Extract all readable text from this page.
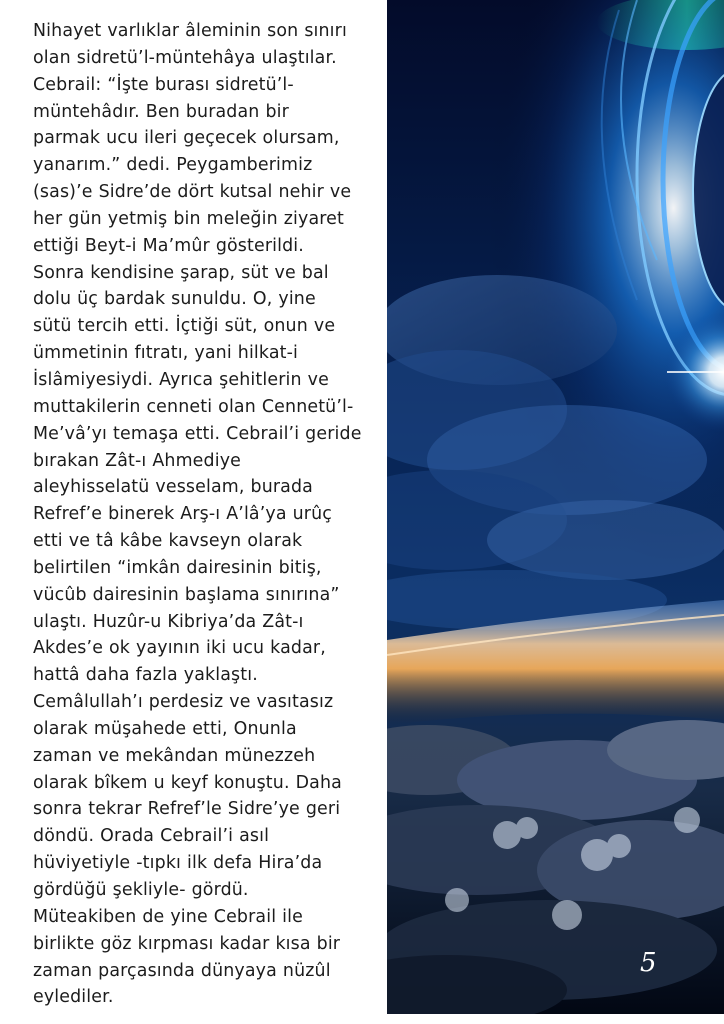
Nihayet varlıklar âleminin son sınırı
olan sidretü’l-müntehâya ulaştılar.
Cebrail: “İşte burası sidretü’l-
müntehâdır. Ben buradan bir
parmak ucu ileri geçecek olursam,
yanarım.” dedi. Peygamberimiz
(sas)’e Sidre’de dört kutsal nehir ve
her gün yetmiş bin meleğin ziyaret
ettiği Beyt-i Ma’mûr gösterildi.
Sonra kendisine şarap, süt ve bal
dolu üç bardak sunuldu. O, yine
sütü tercih etti. İçtiği süt, onun ve
ümmetinin fıtratı, yani hilkat-i
İslâmiyesiydi. Ayrıca şehitlerin ve
muttakilerin cenneti olan Cennetü’l-
Me’vâ’yı temaşa etti. Cebrail’i geride
bırakan Zât-ı Ahmediye
aleyhisselatü vesselam, burada
Refref’e binerek Arş-ı A’lâ’ya urûç
etti ve tâ kâbe kavseyn olarak
belirtilen “imkân dairesinin bitiş,
vücûb dairesinin başlama sınırına”
ulaştı. Huzûr-u Kibriya’da Zât-ı
Akdes’e ok yayının iki ucu kadar,
hattâ daha fazla yaklaştı.
Cemâlullah’ı perdesiz ve vasıtasız
olarak müşahede etti, Onunla
zaman ve mekândan münezzeh
olarak bîkem u keyf konuştu. Daha
sonra tekrar Refref’le Sidre’ye geri
döndü. Orada Cebrail’i asıl
hüviyetiyle -tıpkı ilk defa Hira’da
gördüğü şekliyle- gördü.
Müteakiben de yine Cebrail ile
birlikte göz kırpması kadar kısa bir
zaman parçasında dünyaya nüzûl
eylediler.

5
